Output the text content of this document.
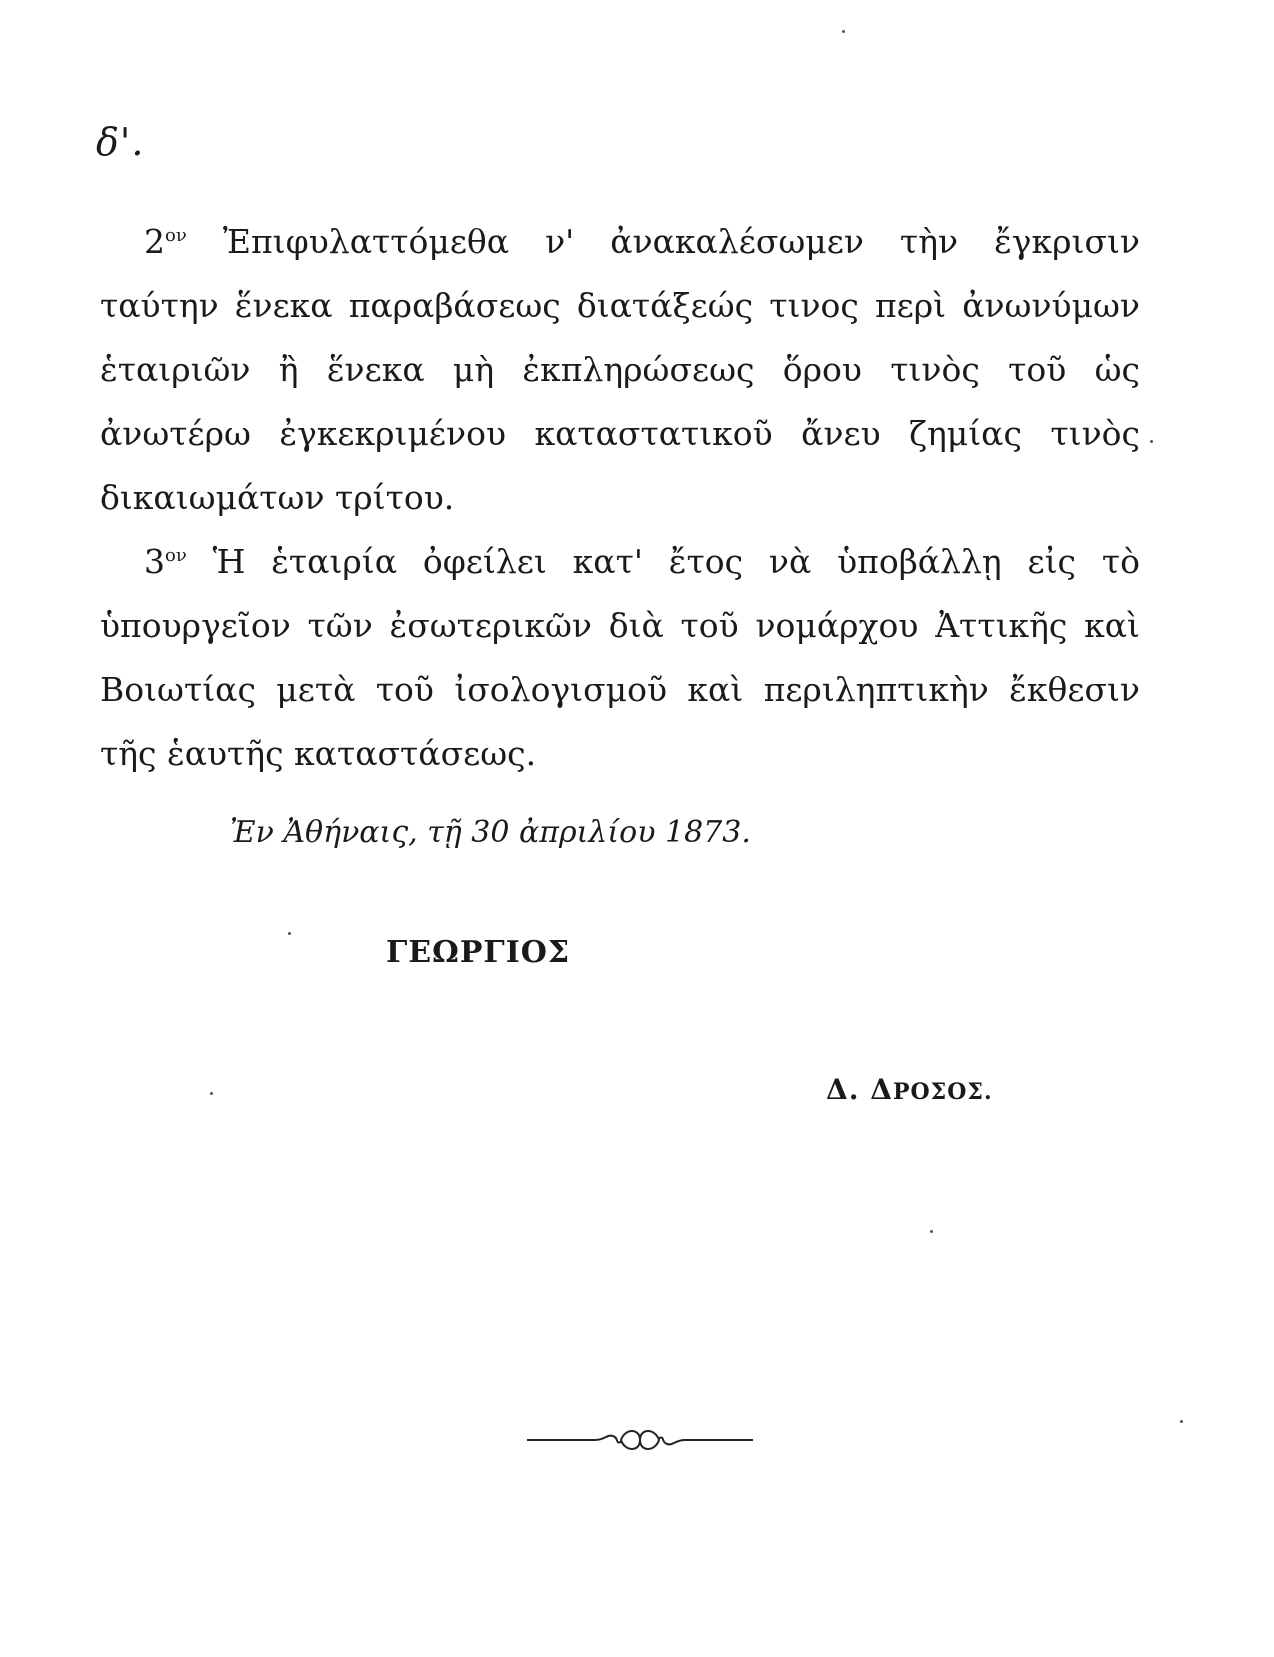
δ'.

$2^{o\nu}$ Ἐπιφυλαττόμεθα ν' ἀνακαλέσωμεν τὴν ἔγκρισιν ταύτην ἕνεκα παραβάσεως διατάξεώς τινος περὶ ἀνωνύμων ἑταιριῶν ἢ ἕνεκα μὴ ἐκπληρώσεως ὅρου τινὸς τοῦ ὡς ἀνωτέρω ἐγκεκριμένου καταστατικοῦ ἄνευ ζημίας τινὸς δικαιωμάτων τρίτου.

$3^{o\nu}$ Ἡ ἑταιρία ὀφείλει κατ' ἔτος νὰ ὑποβάλλῃ εἰς τὸ ὑπουργεῖον τῶν ἐσωτερικῶν διὰ τοῦ νομάρχου Ἀττικῆς καὶ Βοιωτίας μετὰ τοῦ ἰσολογισμοῦ καὶ περιληπτικὴν ἔκθεσιν τῆς ἑαυτῆς καταστάσεως.

Ἐν Ἀθήναις, τῇ 30 ἀπριλίου 1873.
ΓΕΩΡΓΙΟΣ
Δ. ΔΡΟΣΟΣ.
